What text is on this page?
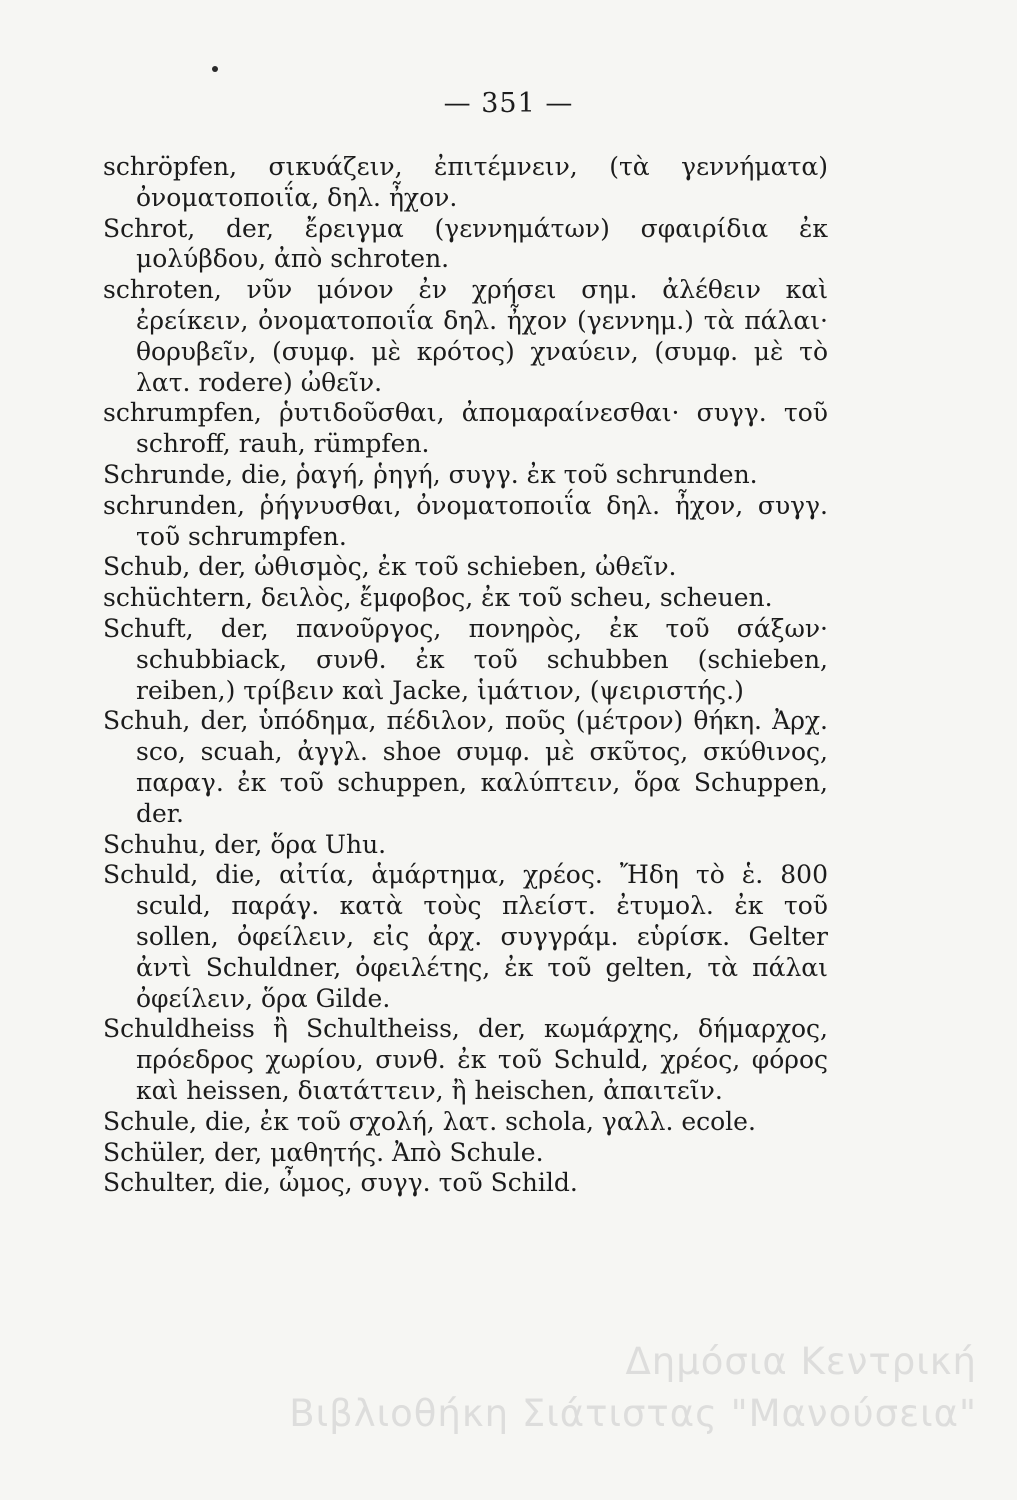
— 351 —
schröpfen, σικυάζειν, ἐπιτέμνειν, (τὰ γεννήματα) ὀνοματοποιΐα, δηλ. ἦχον.
Schrot, der, ἔρειγμα (γεννημάτων) σφαιρίδια ἐκ μολύβδου, ἀπὸ schroten.
schroten, νῦν μόνον ἐν χρήσει σημ. ἀλέθειν καὶ ἐρείκειν, ὀνοματοποιΐα δηλ. ἦχον (γεννημ.) τὰ πάλαι· θορυβεῖν, (συμφ. μὲ κρότος) χναύειν, (συμφ. μὲ τὸ λατ. rodere) ὠθεῖν.
schrumpfen, ῥυτιδοῦσθαι, ἀπομαραίνεσθαι· συγγ. τοῦ schroff, rauh, rümpfen.
Schrunde, die, ῥαγή, ῥηγή, συγγ. ἐκ τοῦ schrunden.
schrunden, ῥήγνυσθαι, ὀνοματοποιΐα δηλ. ἦχον, συγγ. τοῦ schrumpfen.
Schub, der, ὠθισμὸς, ἐκ τοῦ schieben, ὠθεῖν.
schüchtern, δειλὸς, ἔμφοβος, ἐκ τοῦ scheu, scheuen.
Schuft, der, πανοῦργος, πονηρὸς, ἐκ τοῦ σάξων· schubbiack, συνθ. ἐκ τοῦ schubben (schieben, reiben,) τρίβειν καὶ Jacke, ἱμάτιον, (ψειριστής.)
Schuh, der, ὑπόδημα, πέδιλον, ποῦς (μέτρον) θήκη. Ἀρχ. sco, scuah, ἀγγλ. shoe συμφ. μὲ σκῦτος, σκύθινος, παραγ. ἐκ τοῦ schuppen, καλύπτειν, ὅρα Schuppen, der.
Schuhu, der, ὅρα Uhu.
Schuld, die, αἰτία, ἁμάρτημα, χρέος. Ἤδη τὸ ἑ. 800 sculd, παράγ. κατὰ τοὺς πλείστ. ἐτυμολ. ἐκ τοῦ sollen, ὀφείλειν, εἰς ἀρχ. συγγράμ. εὑρίσκ. Gelter ἀντὶ Schuldner, ὀφειλέτης, ἐκ τοῦ gelten, τὰ πάλαι ὀφείλειν, ὅρα Gilde.
Schuldheiss ἢ Schultheiss, der, κωμάρχης, δήμαρχος, πρόεδρος χωρίου, συνθ. ἐκ τοῦ Schuld, χρέος, φόρος καὶ heissen, διατάττειν, ἢ heischen, ἀπαιτεῖν.
Schule, die, ἐκ τοῦ σχολή, λατ. schola, γαλλ. ecole.
Schüler, der, μαθητής. Ἀπὸ Schule.
Schulter, die, ὦμος, συγγ. τοῦ Schild.
Δημόσια Κεντρική
Βιβλιοθήκη Σιάτιστας "Μανούσεια"
